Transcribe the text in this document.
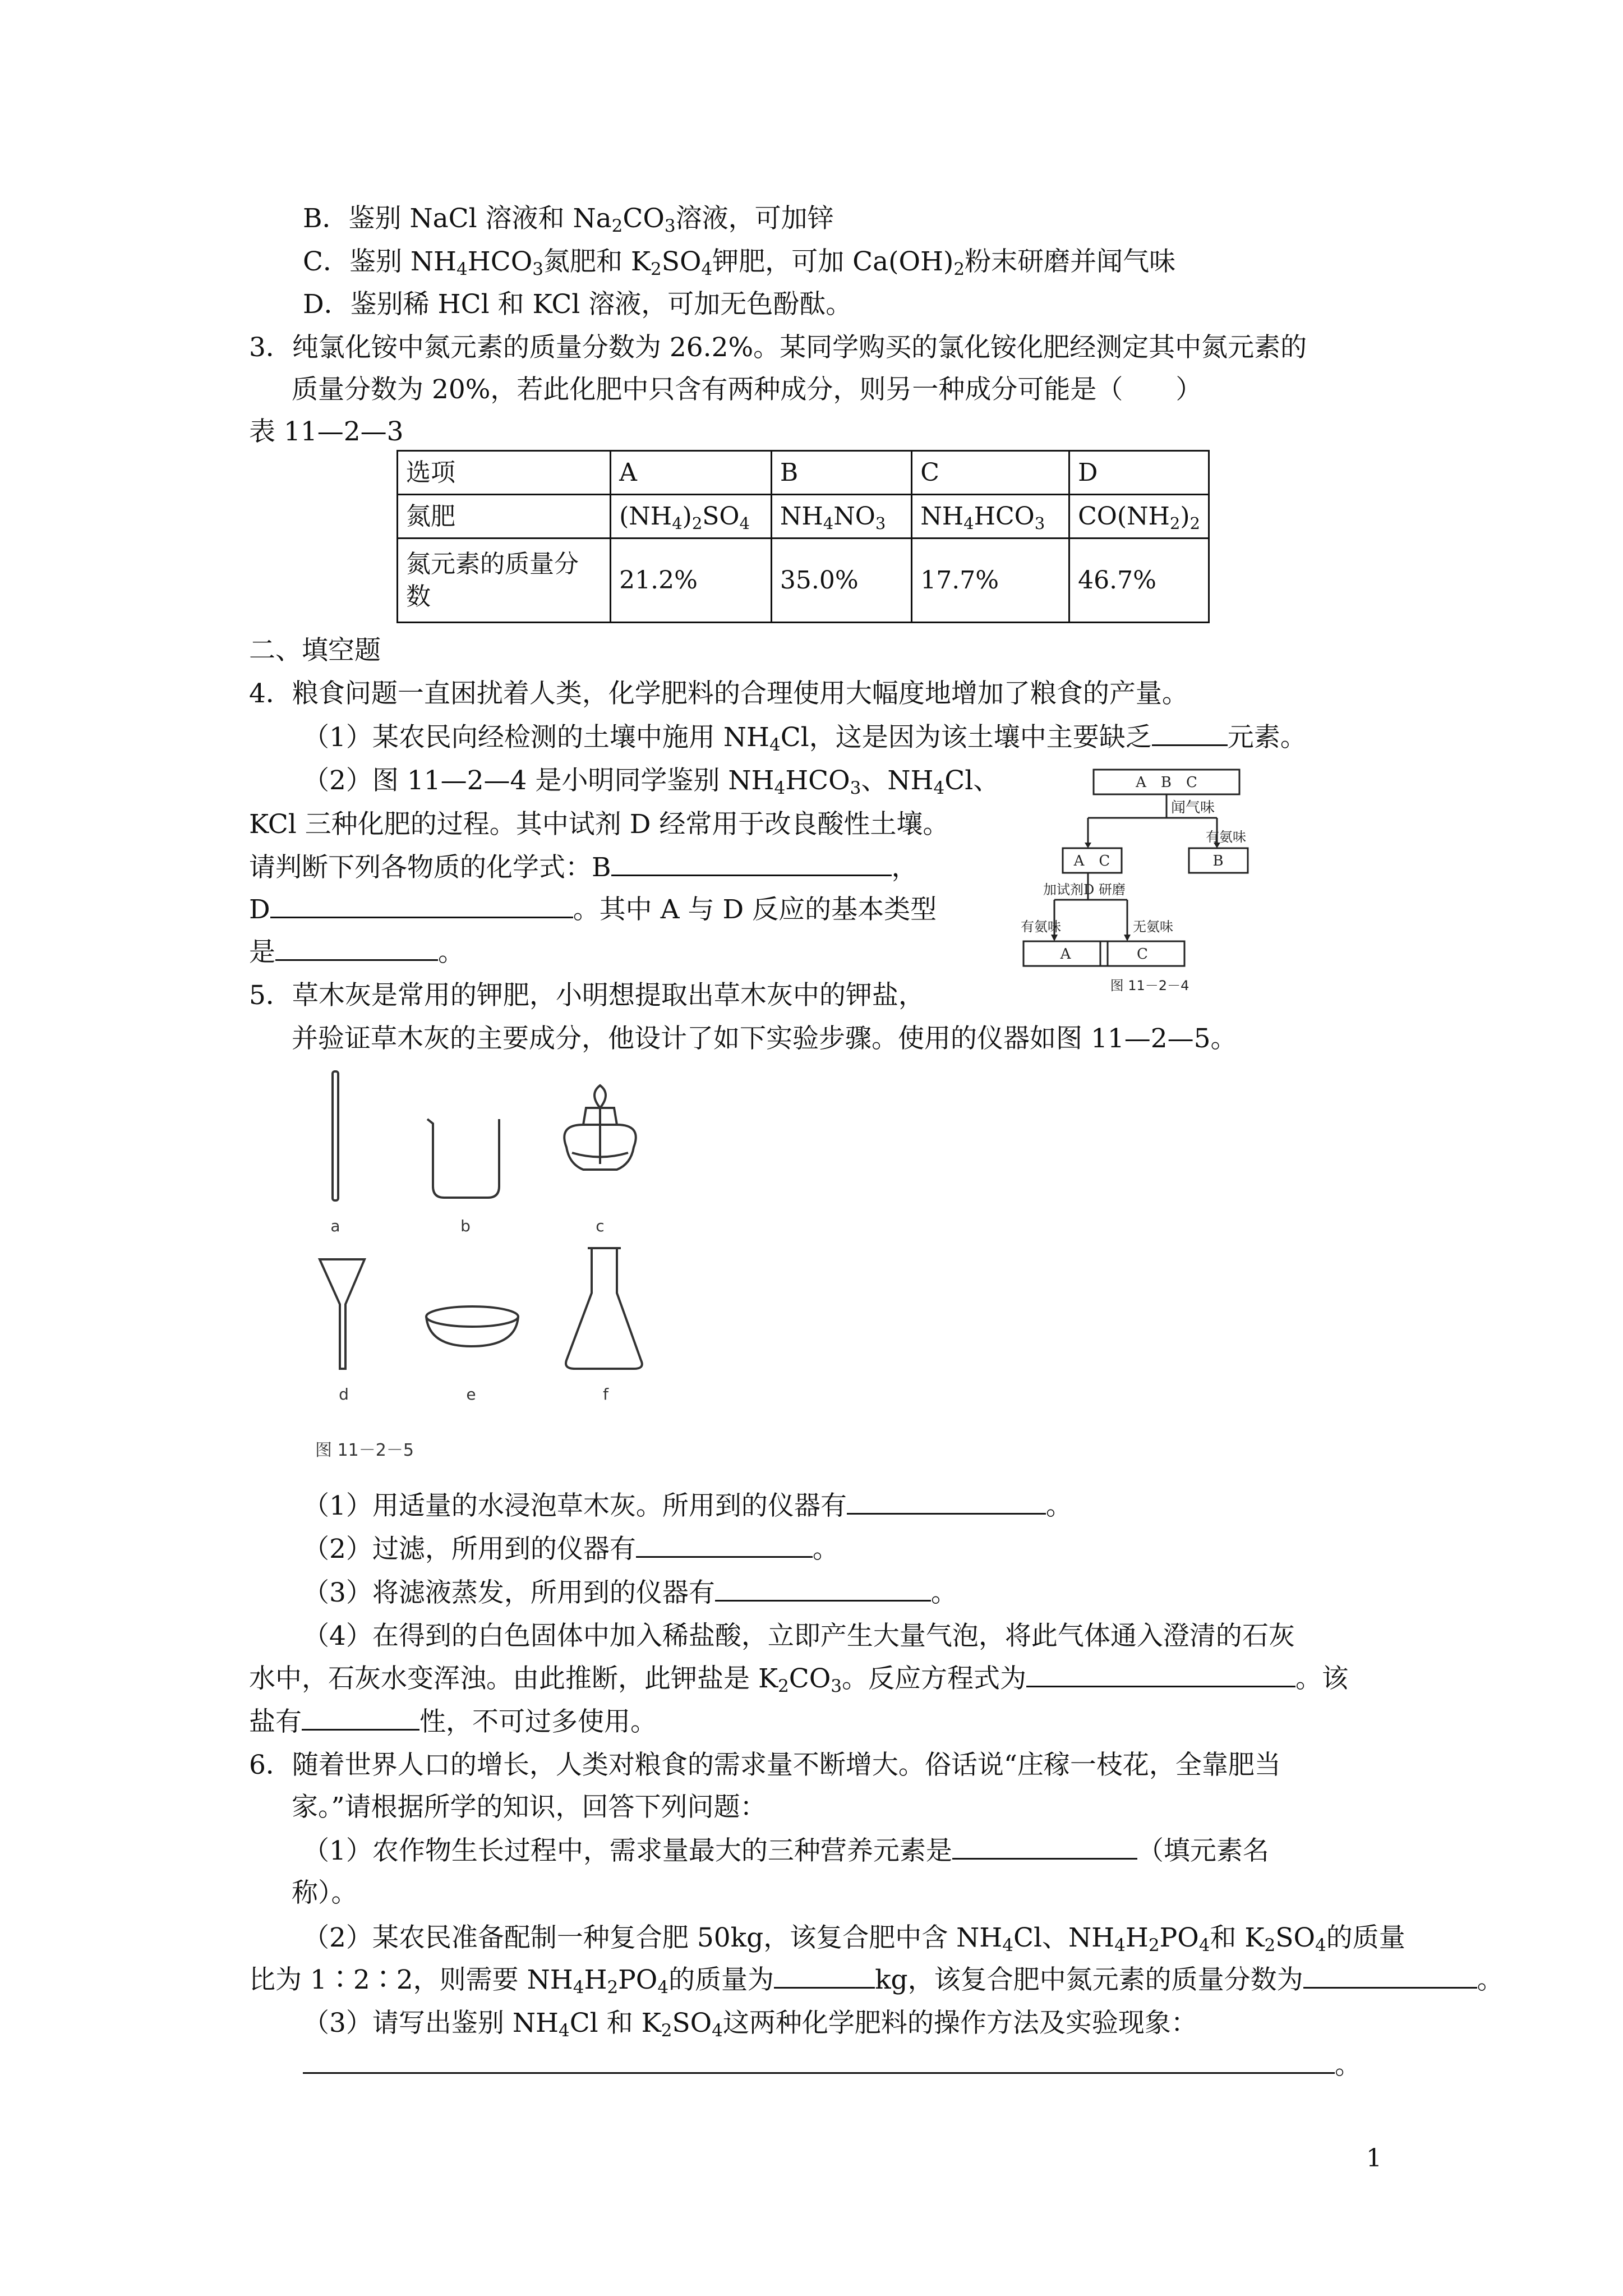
B．鉴别 NaCl 溶液和 $Na_2CO_3$溶液，可加锌
C．鉴别 $NH_4HCO_3$氮肥和 $K_2SO_4$钾肥，可加 $Ca(OH)_2$粉末研磨并闻气味
D．鉴别稀 HCl 和 KCl 溶液，可加无色酚酞。
3．纯氯化铵中氮元素的质量分数为 26.2%。某同学购买的氯化铵化肥经测定其中氮元素的
质量分数为 20%，若此化肥中只含有两种成分，则另一种成分可能是（　　）
表 11—2—3
选项	A	B	C	D
氮肥	$(NH_4)_2SO_4$	$NH_4NO_3$	$NH_4HCO_3$	$CO(NH_2)_2$

氮元素的质量分
数	21.2%	35.0%	17.7%	46.7%
二、填空题
4．粮食问题一直困扰着人类，化学肥料的合理使用大幅度地增加了粮食的产量。
（1）某农民向经检测的土壤中施用 $NH_4Cl$，这是因为该土壤中主要缺乏	元素。
（2）图 11—2—4 是小明同学鉴别 $NH_4HCO_3$、$NH_4Cl$、
KCl 三种化肥的过程。其中试剂 D 经常用于改良酸性土壤。
请判断下列各物质的化学式：B	，
D	。其中 A 与 D 反应的基本类型
是	。
A　B　C
闻气味
有氨味
A　C	B
加试剂D 研磨
有氨味	无氨味
A	C
图 11－2－4
5．草木灰是常用的钾肥，小明想提取出草木灰中的钾盐，
并验证草木灰的主要成分，他设计了如下实验步骤。使用的仪器如图 11—2—5。
a	b	c
d	e	f
图 11－2－5
（1）用适量的水浸泡草木灰。所用到的仪器有	。
（2）过滤，所用到的仪器有	。
（3）将滤液蒸发，所用到的仪器有	。
（4）在得到的白色固体中加入稀盐酸，立即产生大量气泡，将此气体通入澄清的石灰
水中，石灰水变浑浊。由此推断，此钾盐是 $K_2CO_3$。反应方程式为	。该
盐有	性，不可过多使用。
6．随着世界人口的增长，人类对粮食的需求量不断增大。俗话说“庄稼一枝花，全靠肥当
家。”请根据所学的知识，回答下列问题：
（1）农作物生长过程中，需求量最大的三种营养元素是	（填元素名
称）。
（2）某农民准备配制一种复合肥 50kg，该复合肥中含 $NH_4Cl$、$NH_4H_2PO_4$和 $K_2SO_4$的质量
比为 1∶2∶2，则需要 $NH_4H_2PO_4$的质量为	kg，该复合肥中氮元素的质量分数为	。
（3）请写出鉴别 $NH_4Cl$ 和 $K_2SO_4$这两种化学肥料的操作方法及实验现象：
。
1
